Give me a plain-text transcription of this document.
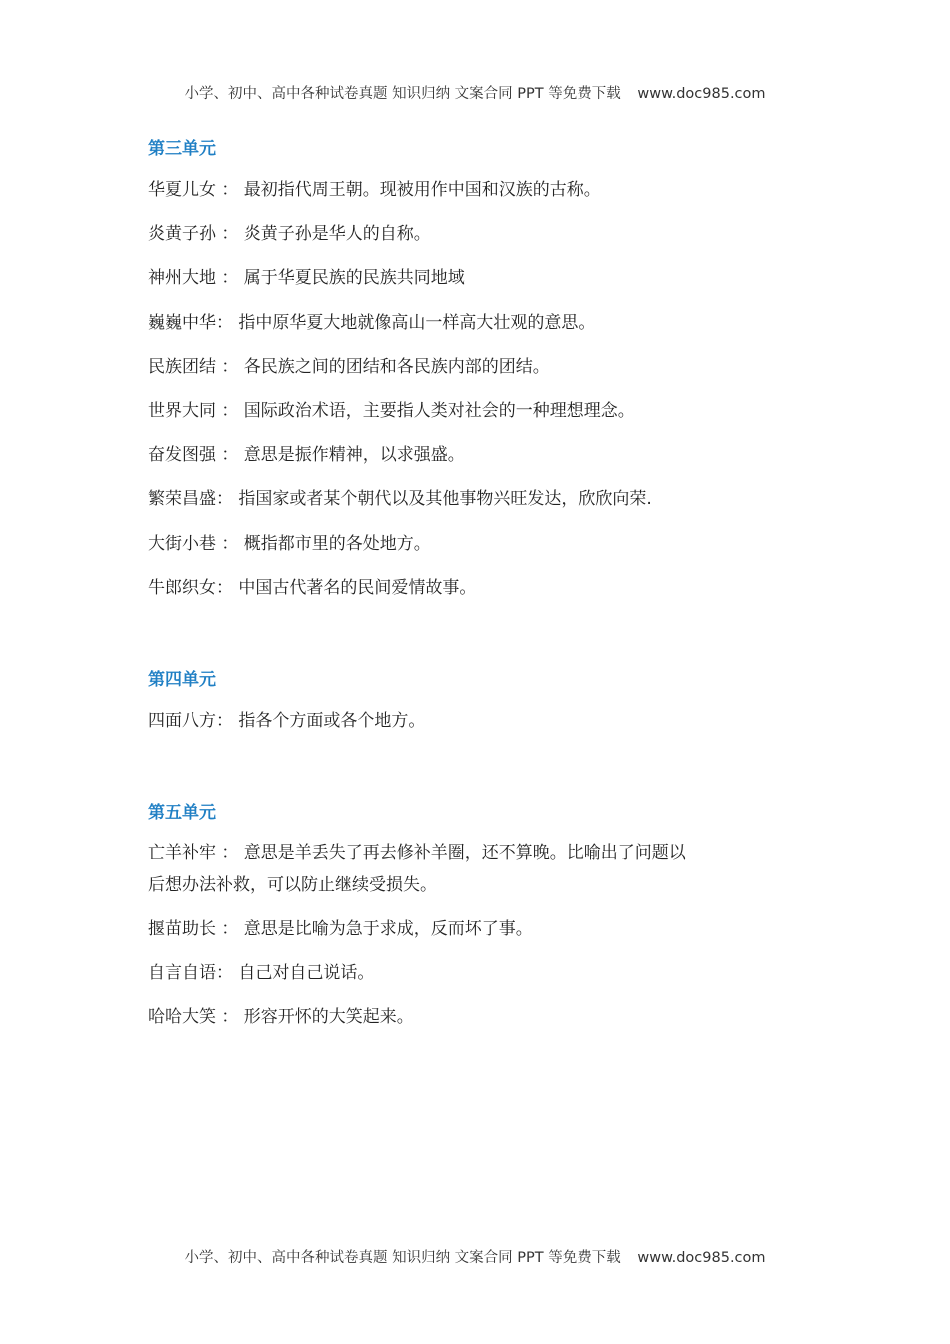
小学、初中、高中各种试卷真题 知识归纳 文案合同 PPT 等免费下载 www.doc985.com
第三单元
华夏儿女 ： 最初指代周王朝。现被用作中国和汉族的古称。
炎黄子孙 ： 炎黄子孙是华人的自称。
神州大地 ： 属于华夏民族的民族共同地域
巍巍中华： 指中原华夏大地就像高山一样高大壮观的意思。
民族团结 ： 各民族之间的团结和各民族内部的团结。
世界大同 ： 国际政治术语，主要指人类对社会的一种理想理念。
奋发图强 ： 意思是振作精神，以求强盛。
繁荣昌盛： 指国家或者某个朝代以及其他事物兴旺发达，欣欣向荣.
大街小巷 ： 概指都市里的各处地方。
牛郎织女： 中国古代著名的民间爱情故事。
第四单元
四面八方： 指各个方面或各个地方。
第五单元
亡羊补牢 ： 意思是羊丢失了再去修补羊圈，还不算晚。比喻出了问题以后想办法补救，可以防止继续受损失。
揠苗助长 ： 意思是比喻为急于求成，反而坏了事。
自言自语： 自己对自己说话。
哈哈大笑 ： 形容开怀的大笑起来。
小学、初中、高中各种试卷真题 知识归纳 文案合同 PPT 等免费下载 www.doc985.com
